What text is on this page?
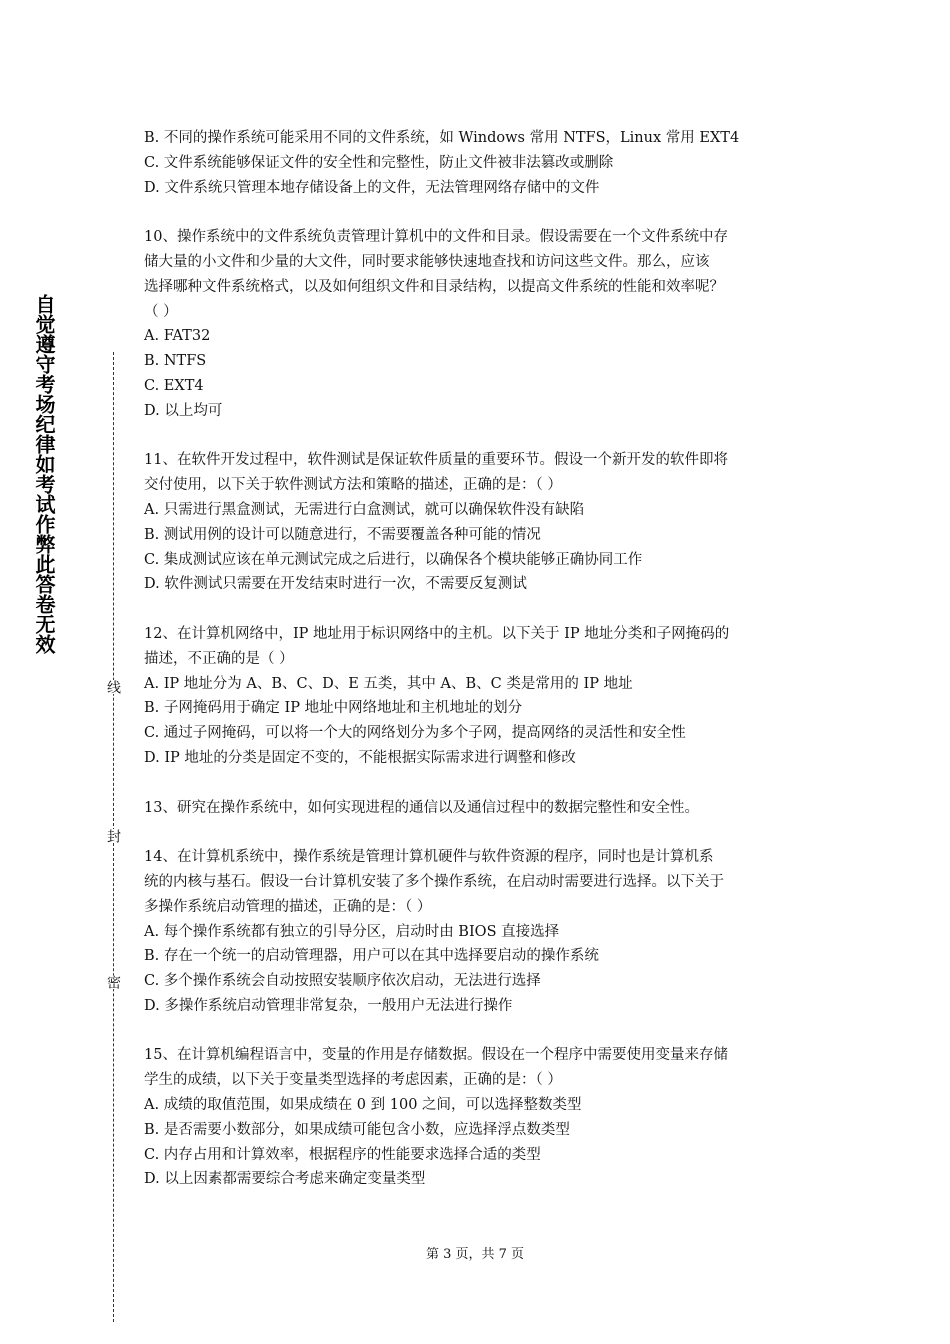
自觉遵守考场纪律如考试作弊此答卷无效
线
封
密
B. 不同的操作系统可能采用不同的文件系统，如 Windows 常用 NTFS，Linux 常用 EXT4
C. 文件系统能够保证文件的安全性和完整性，防止文件被非法篡改或删除
D. 文件系统只管理本地存储设备上的文件，无法管理网络存储中的文件
10、操作系统中的文件系统负责管理计算机中的文件和目录。假设需要在一个文件系统中存
储大量的小文件和少量的大文件，同时要求能够快速地查找和访问这些文件。那么，应该
选择哪种文件系统格式，以及如何组织文件和目录结构，以提高文件系统的性能和效率呢？
（ ）
A. FAT32
B. NTFS
C. EXT4
D. 以上均可
11、在软件开发过程中，软件测试是保证软件质量的重要环节。假设一个新开发的软件即将
交付使用，以下关于软件测试方法和策略的描述，正确的是：（ ）
A. 只需进行黑盒测试，无需进行白盒测试，就可以确保软件没有缺陷
B. 测试用例的设计可以随意进行，不需要覆盖各种可能的情况
C. 集成测试应该在单元测试完成之后进行，以确保各个模块能够正确协同工作
D. 软件测试只需要在开发结束时进行一次，不需要反复测试
12、在计算机网络中，IP 地址用于标识网络中的主机。以下关于 IP 地址分类和子网掩码的
描述，不正确的是（ ）
A. IP 地址分为 A、B、C、D、E 五类，其中 A、B、C 类是常用的 IP 地址
B. 子网掩码用于确定 IP 地址中网络地址和主机地址的划分
C. 通过子网掩码，可以将一个大的网络划分为多个子网，提高网络的灵活性和安全性
D. IP 地址的分类是固定不变的，不能根据实际需求进行调整和修改
13、研究在操作系统中，如何实现进程的通信以及通信过程中的数据完整性和安全性。
14、在计算机系统中，操作系统是管理计算机硬件与软件资源的程序，同时也是计算机系
统的内核与基石。假设一台计算机安装了多个操作系统，在启动时需要进行选择。以下关于
多操作系统启动管理的描述，正确的是：（ ）
A. 每个操作系统都有独立的引导分区，启动时由 BIOS 直接选择
B. 存在一个统一的启动管理器，用户可以在其中选择要启动的操作系统
C. 多个操作系统会自动按照安装顺序依次启动，无法进行选择
D. 多操作系统启动管理非常复杂，一般用户无法进行操作
15、在计算机编程语言中，变量的作用是存储数据。假设在一个程序中需要使用变量来存储
学生的成绩，以下关于变量类型选择的考虑因素，正确的是：（ ）
A. 成绩的取值范围，如果成绩在 0 到 100 之间，可以选择整数类型
B. 是否需要小数部分，如果成绩可能包含小数，应选择浮点数类型
C. 内存占用和计算效率，根据程序的性能要求选择合适的类型
D. 以上因素都需要综合考虑来确定变量类型
第 3 页，共 7 页
